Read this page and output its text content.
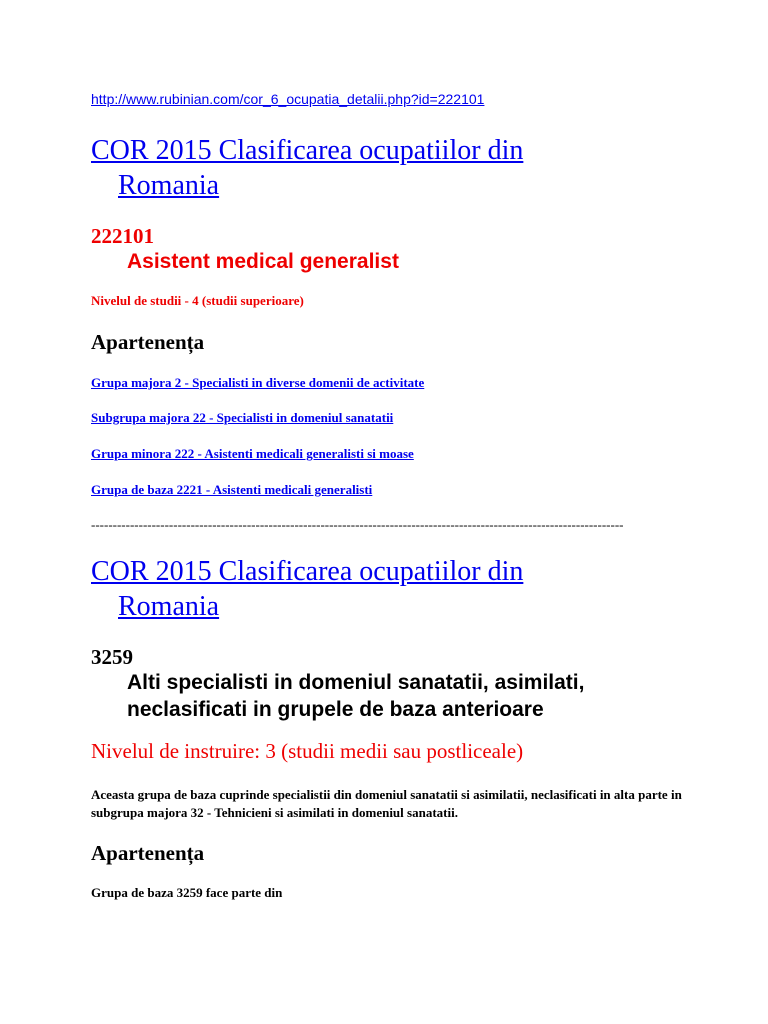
http://www.rubinian.com/cor_6_ocupatia_detalii.php?id=222101
COR 2015 Clasificarea ocupatiilor din
Romania
222101
Asistent medical generalist
Nivelul de studii - 4 (studii superioare)
Apartenența
Grupa majora 2 - Specialisti in diverse domenii de activitate
Subgrupa majora 22 - Specialisti in domeniul sanatatii
Grupa minora 222 - Asistenti medicali generalisti si moase
Grupa de baza 2221 - Asistenti medicali generalisti
---------------------------------------------------------------------------------------------------------------------------
COR 2015 Clasificarea ocupatiilor din
Romania
3259
Alti specialisti in domeniul sanatatii, asimilati,
neclasificati in grupele de baza anterioare
Nivelul de instruire: 3 (studii medii sau postliceale)
Aceasta grupa de baza cuprinde specialistii din domeniul sanatatii si asimilatii, neclasificati in alta parte in subgrupa majora 32 - Tehnicieni si asimilati in domeniul sanatatii.
Apartenența
Grupa de baza 3259 face parte din
